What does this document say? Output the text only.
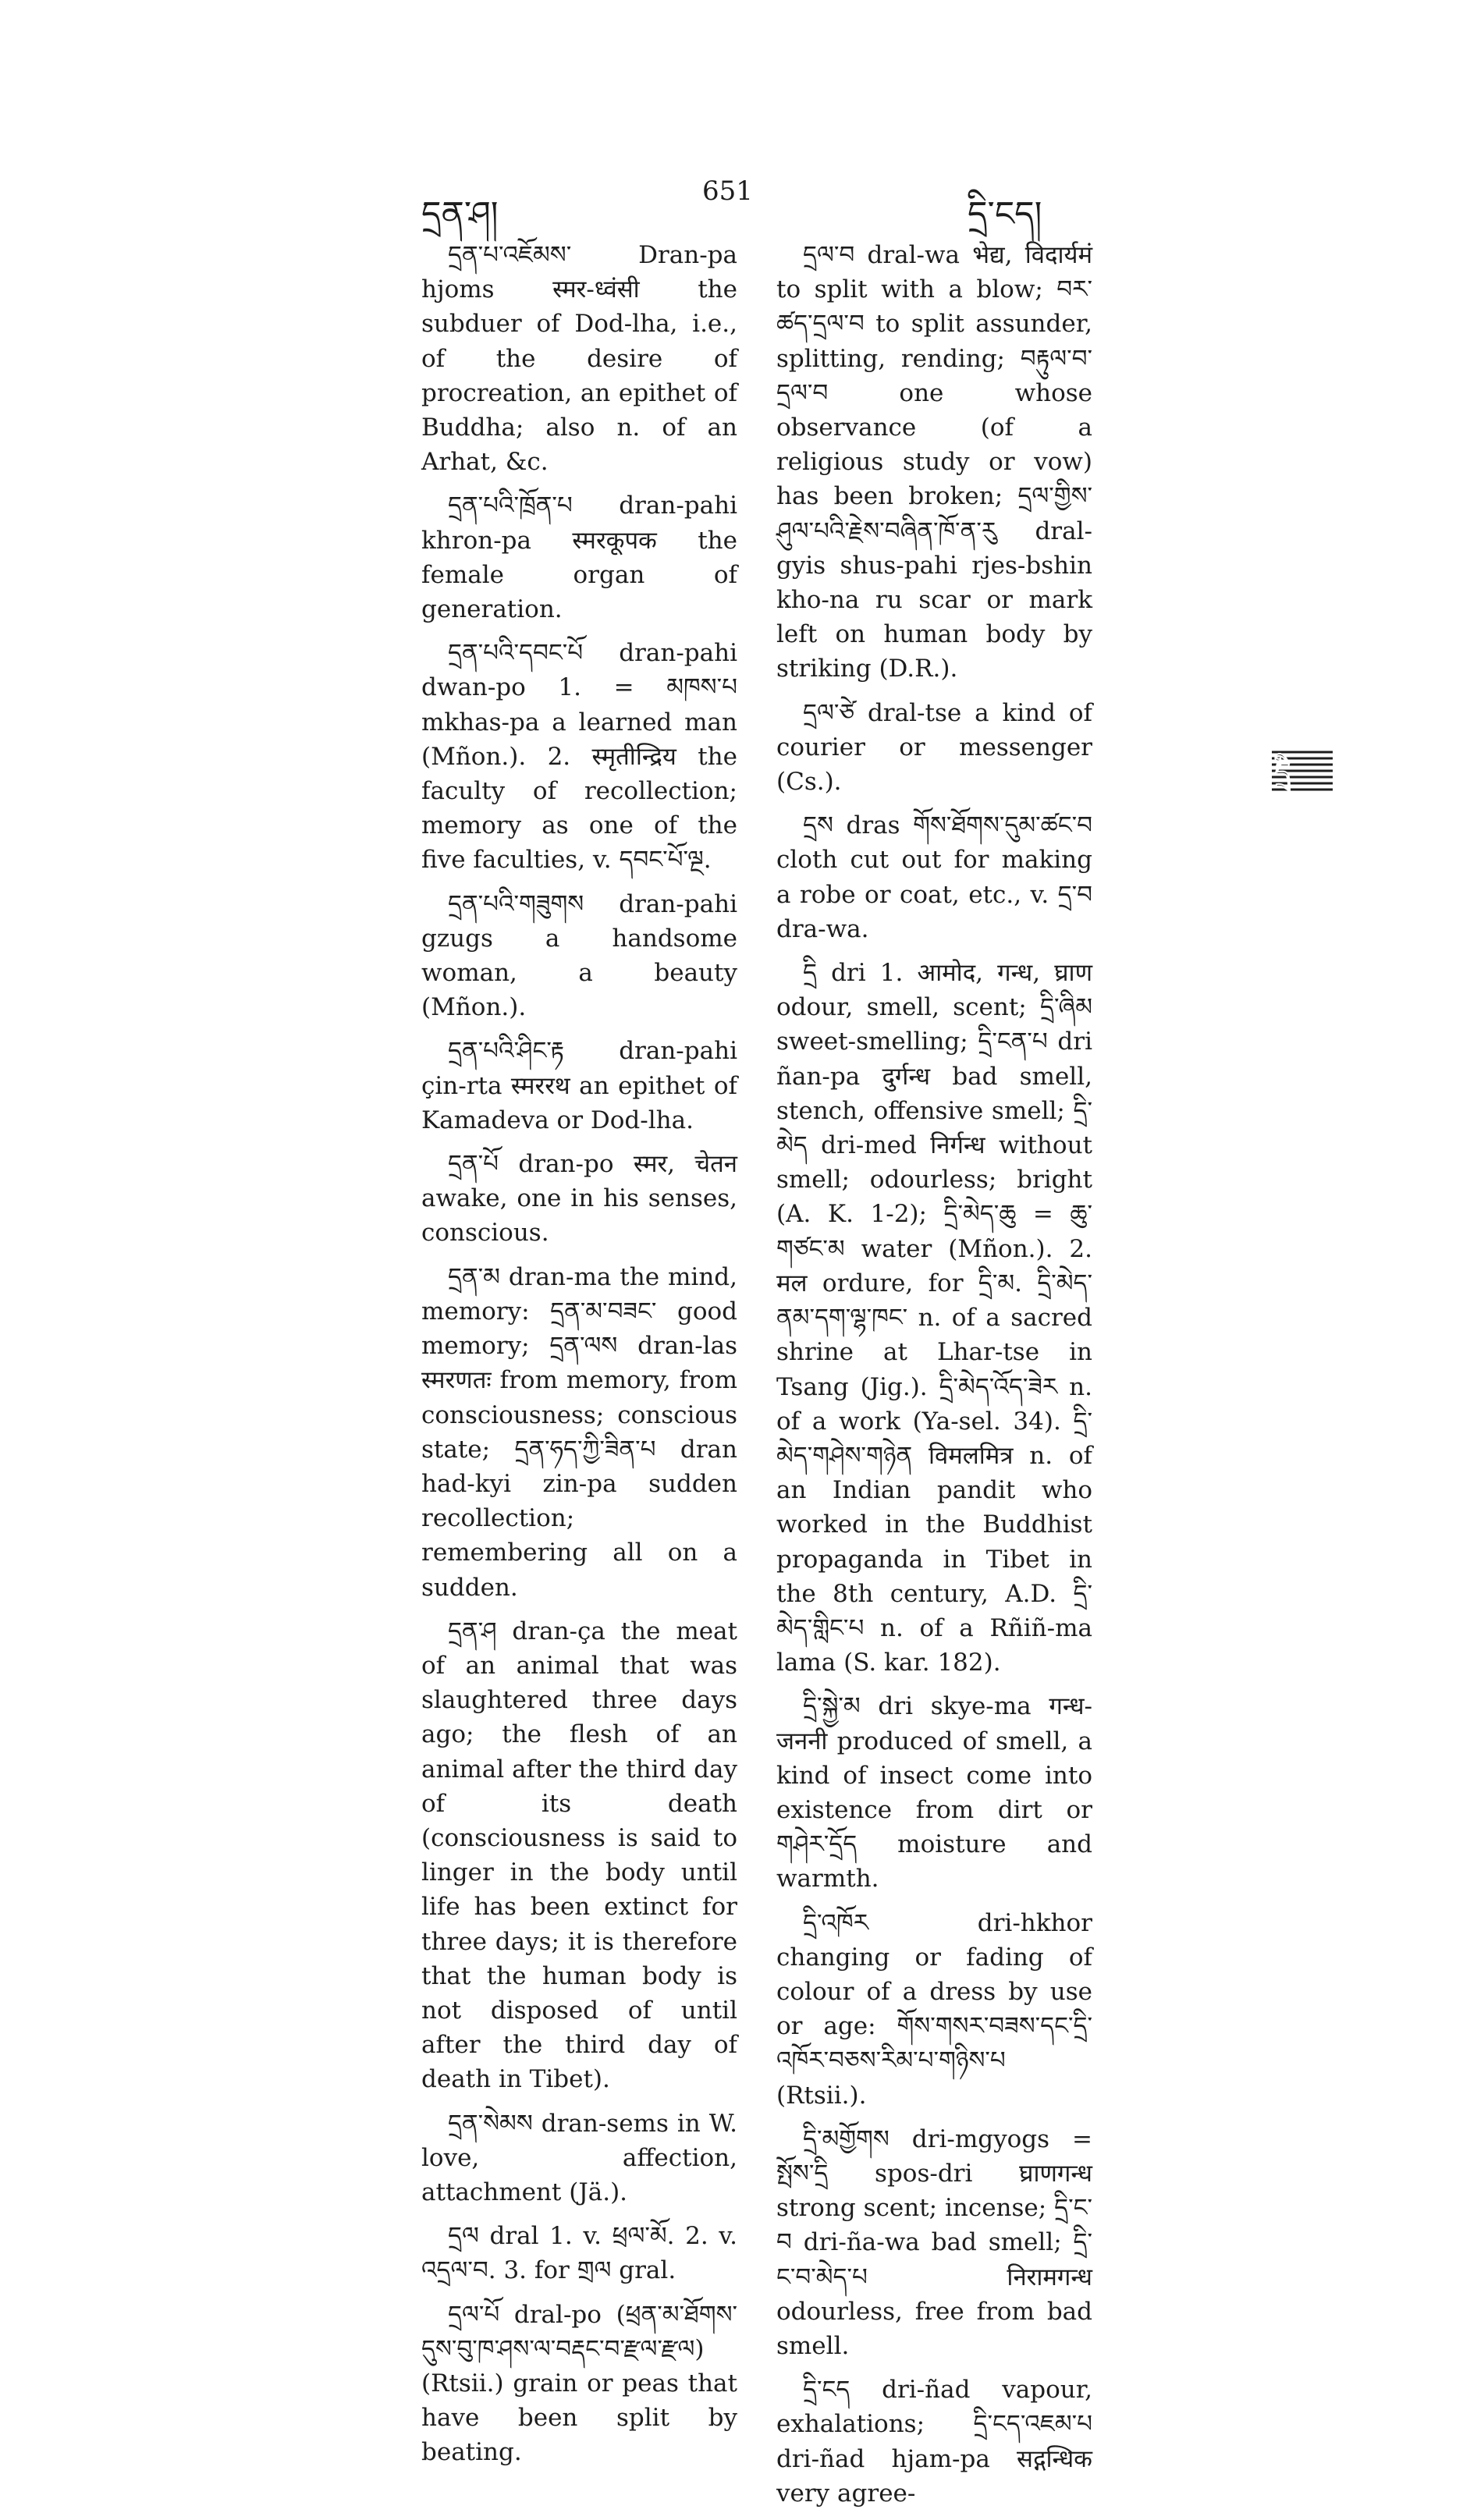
དྲན་ཤ།
651
དྲི་ངད།

དྲན་པ་འཇོམས་ Dran-pa hjoms स्मर-ध्वंसी the subduer of Dod-lha, i.e., of the desire of procreation, an epithet of Buddha; also n. of an Arhat, &c.

དྲན་པའི་ཁྲོན་པ dran-pahi khron-pa स्मरकूपक the female organ of generation.

དྲན་པའི་དབང་པོ dran-pahi dwan-po 1. = མཁས་པ mkhas-pa a learned man (Mñon.). 2. स्मृतीन्द्रिय the faculty of recollection; memory as one of the five faculties, v. དབང་པོ་ལྔ.

དྲན་པའི་གཟུགས dran-pahi gzugs a handsome woman, a beauty (Mñon.).

དྲན་པའི་ཤིང་རྟ dran-pahi çin-rta स्मररथ an epithet of Kamadeva or Dod-lha.

དྲན་པོ dran-po स्मर, चेतन awake, one in his senses, conscious.

དྲན་མ dran-ma the mind, memory: དྲན་མ་བཟང་ good memory; དྲན་ལས dran-las स्मरणतः from memory, from consciousness; conscious state; དྲན་ཧད་ཀྱི་ཟིན་པ dran had-kyi zin-pa sudden recollection; remembering all on a sudden.

དྲན་ཤ dran-ça the meat of an animal that was slaughtered three days ago; the flesh of an animal after the third day of its death (consciousness is said to linger in the body until life has been extinct for three days; it is therefore that the human body is not disposed of until after the third day of death in Tibet).

དྲན་སེམས dran-sems in W. love, affection, attachment (Jä.).

དྲལ dral 1. v. ཕྲལ་མོ. 2. v. འདྲལ་བ. 3. for གྲལ gral.

དྲལ་པོ dral-po (ཕྲན་མ་ཐོགས་དུས་བུ་ཁ་ཤས་ལ་བརྡང་བ་རྫལ་རྫལ) (Rtsii.) grain or peas that have been split by beating.

དྲལ་བ dral-wa भेद्य, विदार्यमं to split with a blow; བར་ཚད་དྲལ་བ to split assunder, splitting, rending; བརྟུལ་བ་དྲལ་བ one whose observance (of a religious study or vow) has been broken; དྲལ་གྱིས་ཤུལ་པའི་རྗེས་བཞིན་ཁོ་ན་རུ dral-gyis shus-pahi rjes-bshin kho-na ru scar or mark left on human body by striking (D.R.).

དྲལ་ཙེ dral-tse a kind of courier or messenger (Cs.).

དྲས dras གོས་ཐོགས་དུམ་ཚང་བ cloth cut out for making a robe or coat, etc., v. དྲ་བ dra-wa.

དྲི dri 1. आमोद, गन्ध, घ्राण odour, smell, scent; དྲི་ཞིམ sweet-smelling; དྲི་ངན་པ dri ñan-pa दुर्गन्ध bad smell, stench, offensive smell; དྲི་མེད dri-med निर्गन्ध without smell; odourless; bright (A. K. 1-2); དྲི་མེད་ཆུ = ཆུ་གཙང་མ water (Mñon.). 2. मल ordure, for དྲི་མ. དྲི་མེད་ནམ་དག་ལྷ་ཁང་ n. of a sacred shrine at Lhar-tse in Tsang (Jig.). དྲི་མེད་འོད་ཟེར n. of a work (Ya-sel. 34). དྲི་མེད་གཤེས་གཉེན विमलमित्र n. of an Indian pandit who worked in the Buddhist propaganda in Tibet in the 8th century, A.D. དྲི་མེད་གླིང་པ n. of a Rñiñ-ma lama (S. kar. 182).

དྲི་སྐྱེ་མ dri skye-ma गन्ध-जननी produced of smell, a kind of insect come into existence from dirt or གཤེར་དྲོད moisture and warmth.

དྲི་འཁོར dri-hkhor changing or fading of colour of a dress by use or age: གོས་གསར་བཟས་དང་དྲི་འཁོར་བཅས་རིམ་པ་གཉིས་པ (Rtsii.).

དྲི་མགྱོགས dri-mgyogs = སྤོས་དྲི spos-dri घ्राणगन्ध strong scent; incense; དྲི་ང་བ dri-ña-wa bad smell; དྲི་ང་བ་མེད་པ निरामगन्ध odourless, free from bad smell.

དྲི་ངད dri-ñad vapour, exhalations; དྲི་ངད་འཇམ་པ dri-ñad hjam-pa सद्गन्धिक very agree-

དྲི
